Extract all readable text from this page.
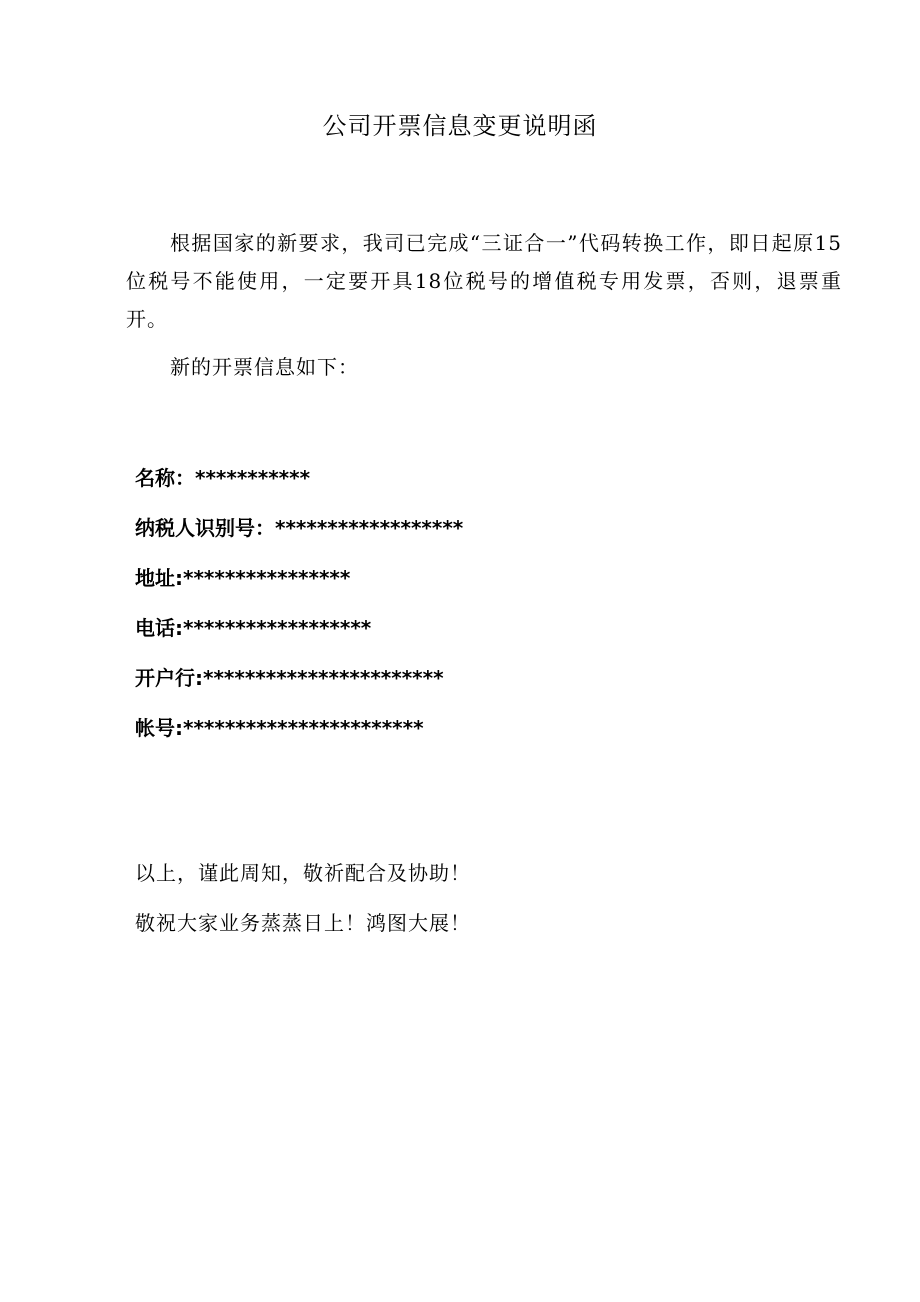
公司开票信息变更说明函

根据国家的新要求，我司已完成“三证合一”代码转换工作，即日起原15位税号不能使用，一定要开具18位税号的增值税专用发票，否则，退票重开。

新的开票信息如下：

名称：***********
纳税人识别号：******************
地址:****************
电话:******************
开户行:***********************
帐号:***********************
以上，谨此周知，敬祈配合及协助！
敬祝大家业务蒸蒸日上！鸿图大展！
